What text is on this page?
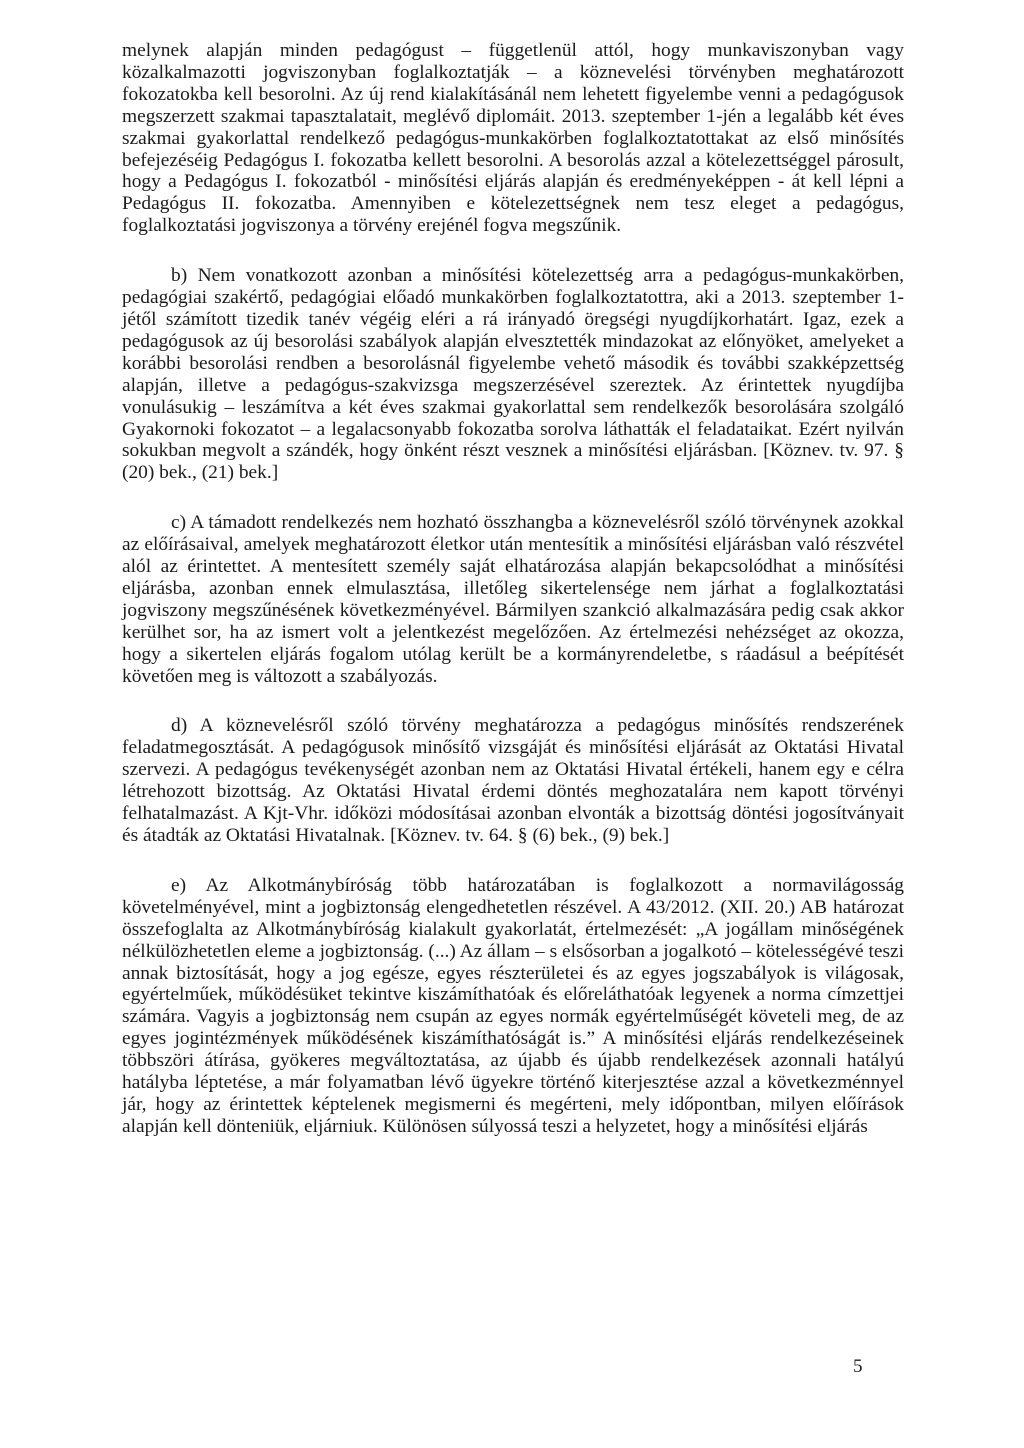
melynek alapján minden pedagógust – függetlenül attól, hogy munkaviszonyban vagy közalkalmazotti jogviszonyban foglalkoztatják – a köznevelési törvényben meghatározott fokozatokba kell besorolni. Az új rend kialakításánál nem lehetett figyelembe venni a pedagógusok megszerzett szakmai tapasztalatait, meglévő diplomáit. 2013. szeptember 1-jén a legalább két éves szakmai gyakorlattal rendelkező pedagógus-munkakörben foglalkoztatottakat az első minősítés befejezéséig Pedagógus I. fokozatba kellett besorolni. A besorolás azzal a kötelezettséggel párosult, hogy a Pedagógus I. fokozatból - minősítési eljárás alapján és eredményeképpen - át kell lépni a Pedagógus II. fokozatba. Amennyiben e kötelezettségnek nem tesz eleget a pedagógus, foglalkoztatási jogviszonya a törvény erejénél fogva megszűnik.

b) Nem vonatkozott azonban a minősítési kötelezettség arra a pedagógus-munkakörben, pedagógiai szakértő, pedagógiai előadó munkakörben foglalkoztatottra, aki a 2013. szeptember 1-jétől számított tizedik tanév végéig eléri a rá irányadó öregségi nyugdíjkorhatárt. Igaz, ezek a pedagógusok az új besorolási szabályok alapján elvesztették mindazokat az előnyöket, amelyeket a korábbi besorolási rendben a besorolásnál figyelembe vehető második és további szakképzettség alapján, illetve a pedagógus-szakvizsga megszerzésével szereztek. Az érintettek nyugdíjba vonulásukig – leszámítva a két éves szakmai gyakorlattal sem rendelkezők besorolására szolgáló Gyakornoki fokozatot – a legalacsonyabb fokozatba sorolva láthatták el feladataikat. Ezért nyilván sokukban megvolt a szándék, hogy önként részt vesznek a minősítési eljárásban. [Köznev. tv. 97. § (20) bek., (21) bek.]

c) A támadott rendelkezés nem hozható összhangba a köznevelésről szóló törvénynek azokkal az előírásaival, amelyek meghatározott életkor után mentesítik a minősítési eljárásban való részvétel alól az érintettet. A mentesített személy saját elhatározása alapján bekapcsolódhat a minősítési eljárásba, azonban ennek elmulasztása, illetőleg sikertelensége nem járhat a foglalkoztatási jogviszony megszűnésének következményével. Bármilyen szankció alkalmazására pedig csak akkor kerülhet sor, ha az ismert volt a jelentkezést megelőzően. Az értelmezési nehézséget az okozza, hogy a sikertelen eljárás fogalom utólag került be a kormányrendeletbe, s ráadásul a beépítését követően meg is változott a szabályozás.

d) A köznevelésről szóló törvény meghatározza a pedagógus minősítés rendszerének feladatmegosztását. A pedagógusok minősítő vizsgáját és minősítési eljárását az Oktatási Hivatal szervezi. A pedagógus tevékenységét azonban nem az Oktatási Hivatal értékeli, hanem egy e célra létrehozott bizottság. Az Oktatási Hivatal érdemi döntés meghozatalára nem kapott törvényi felhatalmazást. A Kjt-Vhr. időközi módosításai azonban elvonták a bizottság döntési jogosítványait és átadták az Oktatási Hivatalnak. [Köznev. tv. 64. § (6) bek., (9) bek.]

e) Az Alkotmánybíróság több határozatában is foglalkozott a normavilágosság követelményével, mint a jogbiztonság elengedhetetlen részével. A 43/2012. (XII. 20.) AB határozat összefoglalta az Alkotmánybíróság kialakult gyakorlatát, értelmezését: „A jogállam minőségének nélkülözhetetlen eleme a jogbiztonság. (...) Az állam – s elsősorban a jogalkotó – kötelességévé teszi annak biztosítását, hogy a jog egésze, egyes részterületei és az egyes jogszabályok is világosak, egyértelműek, működésüket tekintve kiszámíthatóak és előreláthatóak legyenek a norma címzettjei számára. Vagyis a jogbiztonság nem csupán az egyes normák egyértelműségét követeli meg, de az egyes jogintézmények működésének kiszámíthatóságát is.” A minősítési eljárás rendelkezéseinek többszöri átírása, gyökeres megváltoztatása, az újabb és újabb rendelkezések azonnali hatályú hatályba léptetése, a már folyamatban lévő ügyekre történő kiterjesztése azzal a következménnyel jár, hogy az érintettek képtelenek megismerni és megérteni, mely időpontban, milyen előírások alapján kell dönteniük, eljárniuk. Különösen súlyossá teszi a helyzetet, hogy a minősítési eljárás

5
